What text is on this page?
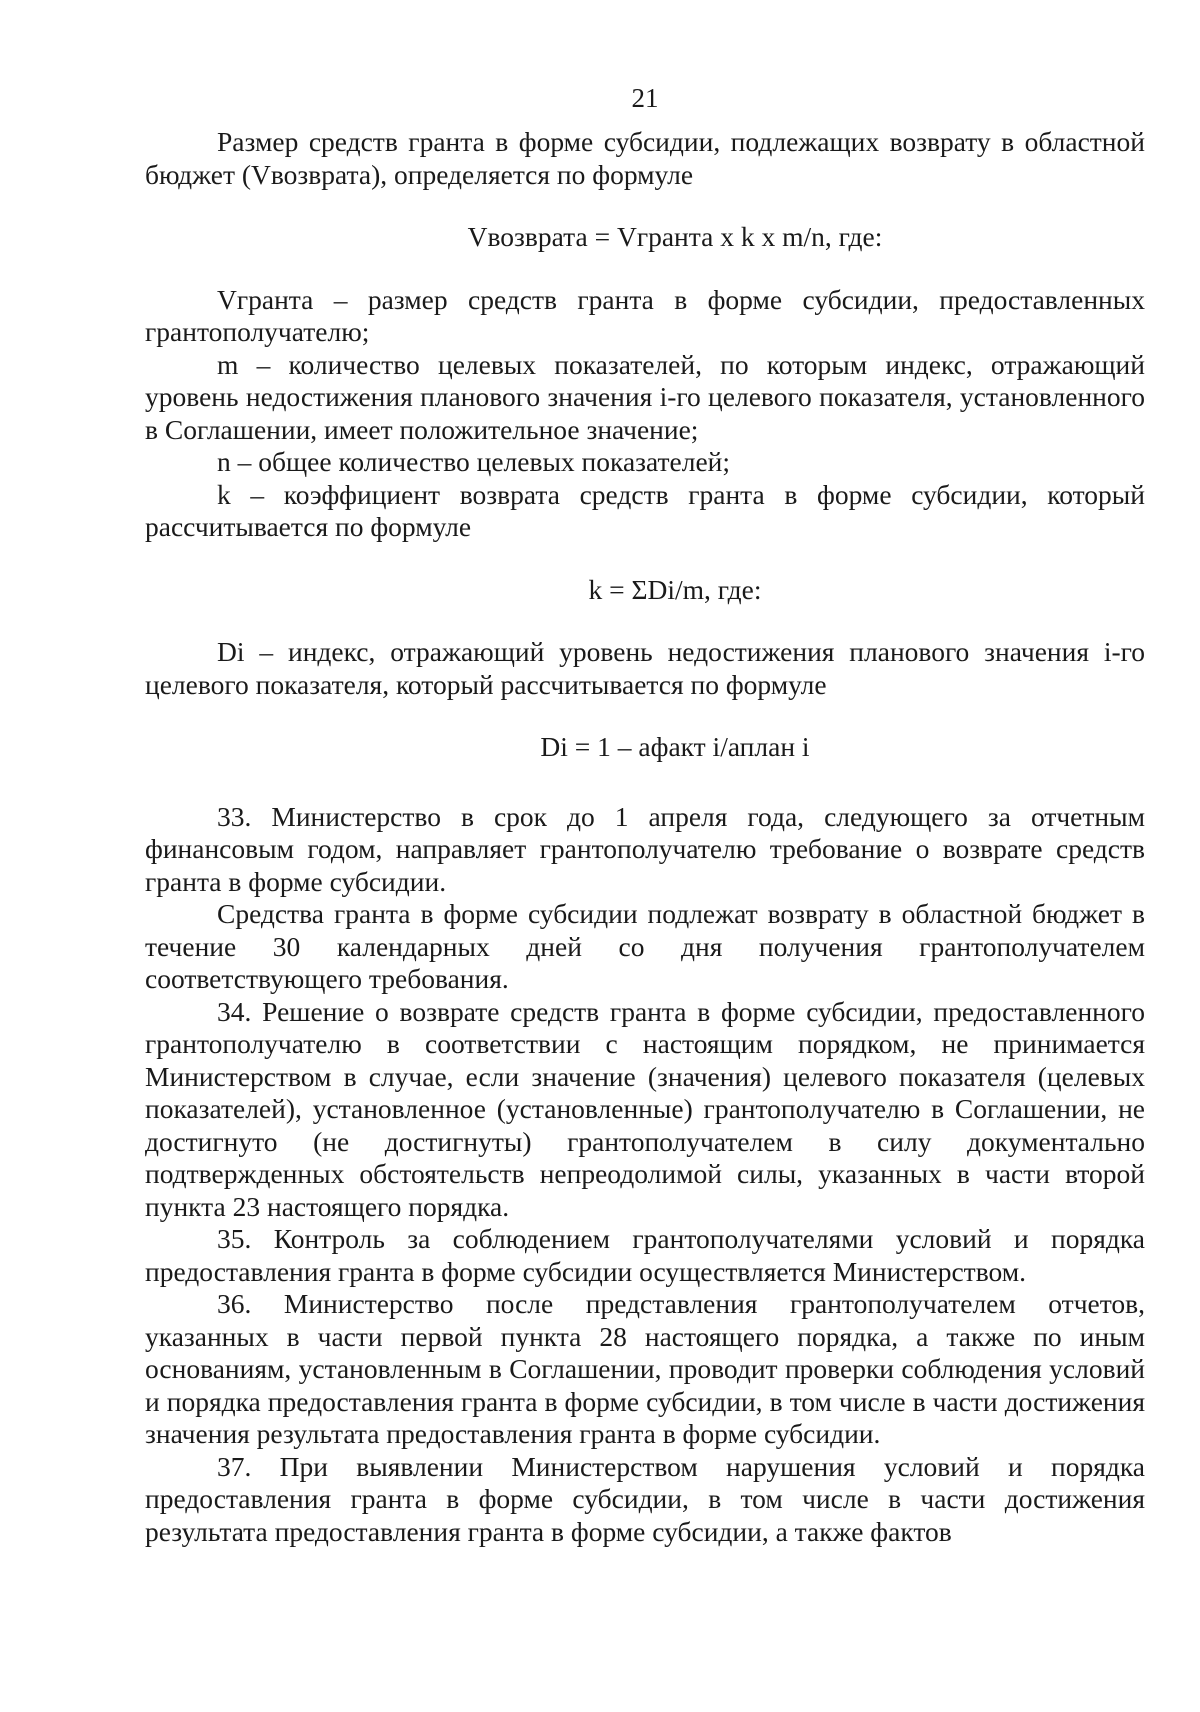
21

Размер средств гранта в форме субсидии, подлежащих возврату в областной бюджет (Vвозврата), определяется по формуле

Vвозврата = Vгранта x k x m/n, где:

Vгранта – размер средств гранта в форме субсидии, предоставленных грантополучателю;

m – количество целевых показателей, по которым индекс, отражающий уровень недостижения планового значения i-го целевого показателя, установленного в Соглашении, имеет положительное значение;

n – общее количество целевых показателей;

k – коэффициент возврата средств гранта в форме субсидии, который рассчитывается по формуле

k = ΣDi/m, где:

Di – индекс, отражающий уровень недостижения планового значения i-го целевого показателя, который рассчитывается по формуле

Di = 1 – афакт i/аплан i

33. Министерство в срок до 1 апреля года, следующего за отчетным финансовым годом, направляет грантополучателю требование о возврате средств гранта в форме субсидии.

Средства гранта в форме субсидии подлежат возврату в областной бюджет в течение 30 календарных дней со дня получения грантополучателем соответствующего требования.

34. Решение о возврате средств гранта в форме субсидии, предоставленного грантополучателю в соответствии с настоящим порядком, не принимается Министерством в случае, если значение (значения) целевого показателя (целевых показателей), установленное (установленные) грантополучателю в Соглашении, не достигнуто (не достигнуты) грантополучателем в силу документально подтвержденных обстоятельств непреодолимой силы, указанных в части второй пункта 23 настоящего порядка.

35. Контроль за соблюдением грантополучателями условий и порядка предоставления гранта в форме субсидии осуществляется Министерством.

36. Министерство после представления грантополучателем отчетов, указанных в части первой пункта 28 настоящего порядка, а также по иным основаниям, установленным в Соглашении, проводит проверки соблюдения условий и порядка предоставления гранта в форме субсидии, в том числе в части достижения значения результата предоставления гранта в форме субсидии.

37. При выявлении Министерством нарушения условий и порядка предоставления гранта в форме субсидии, в том числе в части достижения результата предоставления гранта в форме субсидии, а также фактов
